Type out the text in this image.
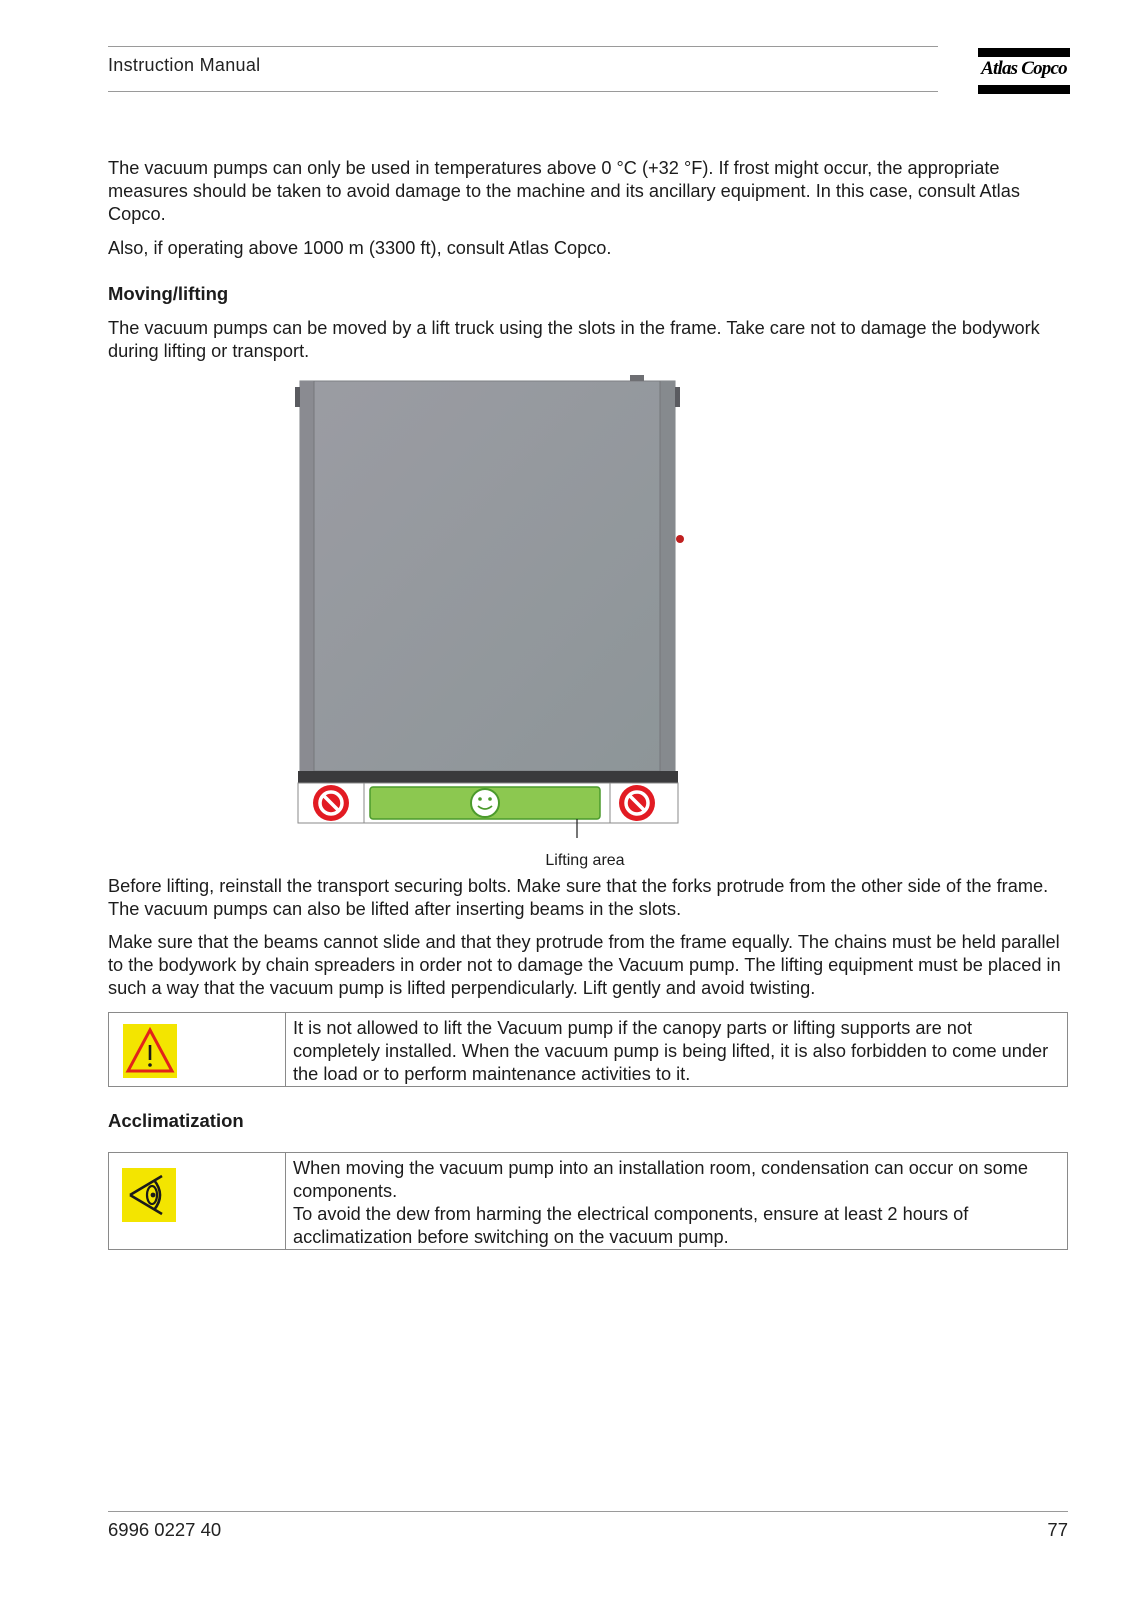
Instruction Manual	Atlas Copco
The vacuum pumps can only be used in temperatures above 0 °C (+32 °F). If frost might occur, the appropriate measures should be taken to avoid damage to the machine and its ancillary equipment. In this case, consult Atlas Copco.
Also, if operating above 1000 m (3300 ft), consult Atlas Copco.
Moving/lifting
The vacuum pumps can be moved by a lift truck using the slots in the frame. Take care not to damage the bodywork during lifting or transport.
Lifting area
Before lifting, reinstall the transport securing bolts. Make sure that the forks protrude from the other side of the frame. The vacuum pumps can also be lifted after inserting beams in the slots.
Make sure that the beams cannot slide and that they protrude from the frame equally. The chains must be held parallel to the bodywork by chain spreaders in order not to damage the Vacuum pump. The lifting equipment must be placed in such a way that the vacuum pump is lifted perpendicularly. Lift gently and avoid twisting.
It is not allowed to lift the Vacuum pump if the canopy parts or lifting supports are not completely installed. When the vacuum pump is being lifted, it is also forbidden to come under the load or to perform maintenance activities to it.
Acclimatization
When moving the vacuum pump into an installation room, condensation can occur on some components.
To avoid the dew from harming the electrical components, ensure at least 2 hours of acclimatization before switching on the vacuum pump.
6996 0227 40	77
